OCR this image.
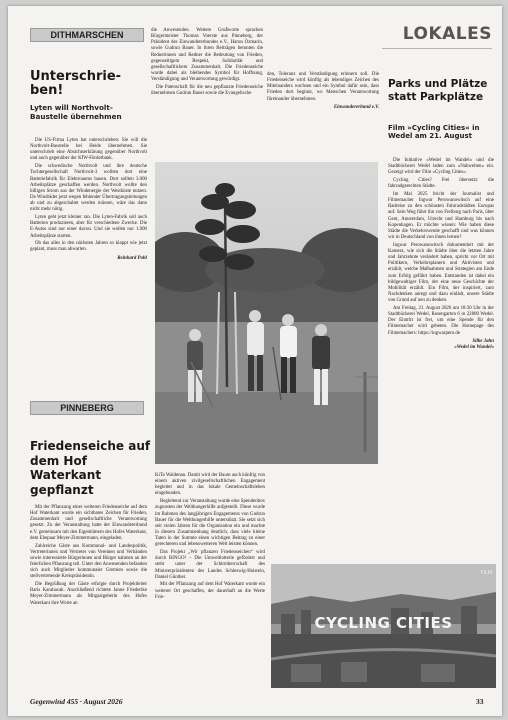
DITHMARSCHEN
Unterschrie-ben!
Lyten will Northvolt-Baustelle übernehmen

Die US-Firma Lyten hat unterschrieben: Sie will die Northvolt-Baustelle bei Heide übernehmen. Sie unterschrieb eine Absichtserklärung gegenüber Northvolt und auch gegenüber der KfW-Förderbank.

Die schwedische Northvolt und ihre deutsche Tochtergesellschaft Northvolt-3 wollten dort eine Batteriefabrik für Elektroautos bauen. Dort sollten 3.000 Arbeitsplätze geschaffen werden. Northvolt wollte den billigen Strom aus der Windenergie der Westküste nutzen. Da Windräder jetzt wegen fehlender Übertragungsleitungen ab und zu abgeschaltet werden müssen, wäre das dann nicht mehr nötig.

Lyten geht jetzt kleiner ran. Die Lyten-Fabrik soll auch Batterien produzieren, aber für verschiedene Zwecke. Die E-Autos sind nur einer davon. Und sie wollen nur 1.000 Arbeitsplätze starten.

Ob das alles in den nächsten Jahren so klappt wie jetzt geplant, muss man abwarten.

Reinhard Pohl

PINNEBERG
Friedenseiche auf dem Hof Waterkant gepflanzt

Mit der Pflanzung einer weiteren Friedenseiche auf dem Hof Waterkant wurde ein sichtbares Zeichen für Frieden, Zusammenhalt und gesellschaftliche Verantwortung gesetzt. Zu der Veranstaltung hatte der Einwandererbund e.V. gemeinsam mit den Eigentümern des Hofes Waterkant, dem Ehepaar Meyer-Zimmermann, eingeladen.

Zahlreiche Gäste aus Kommunal- und Landespolitik, Vertreterinnen und Vertreter von Vereinen und Verbänden sowie interessierte Bürgerinnen und Bürger nahmen an der feierlichen Pflanzung teil. Unter den Anwesenden befanden sich auch Mitglieder kommunaler Gremien sowie die stellvertretende Kreispräsidentin.

Die Begrüßung der Gäste erfolgte durch Projektleiter Baris Karabacak. Anschließend richtete Janne Friederike Meyer-Zimmermann als Mitgastgeberin des Hofes Waterkant ihre Worte an

die Anwesenden. Weitere Grußworte sprachen Bürgermeister Thomas Voerste aus Pinneberg, der Präsident des Einwandererbundes e.V., Harun Özmarin, sowie Gudrun Bauer. In ihren Beiträgen betonten die Rednerinnen und Redner die Bedeutung von Frieden, gegenseitigem Respekt, Solidarität und gesellschaftlichem Zusammenhalt. Die Friedenseiche wurde dabei als bleibendes Symbol für Hoffnung, Verständigung und Verantwortung gewürdigt.

Die Patenschaft für die neu gepflanzte Friedenseiche übernehmen Gudrun Bauer sowie die Evangelische

den, Toleranz und Verständigung erinnern soll. Die Friedenseiche wird künftig als lebendiges Zeichen des Miteinanders wachsen und ein Symbol dafür sein, dass Frieden dort beginnt, wo Menschen Verantwortung füreinander übernehmen.

Einwandererbund e.V.

KiTa Waldenau. Damit wird der Baum auch künftig von einem aktiven zivilgesellschaftlichen Engagement begleitet und in das lokale Gemeinschaftsleben eingebunden.

Begleitend zur Veranstaltung wurde eine Spendenbox zugunsten der Welthungerhilfe aufgestellt. Diese wurde im Rahmen des langjährigen Engagements von Gudrun Bauer für die Welthungerhilfe unterstützt. Sie setzt sich seit vielen Jahren für die Organisation ein und machte in diesem Zusammenhang deutlich, dass viele kleine Taten in der Summe einen wichtigen Beitrag zu einer gerechteren und lebenswerteren Welt leisten können.

Das Projekt „Wir pflanzen Friedenseichen“ wird durch BINGO! – Die Umweltlotterie gefördert und steht unter der Schirmherrschaft des Ministerpräsidenten des Landes Schleswig-Holstein, Daniel Günther.

Mit der Pflanzung auf dem Hof Waterkant wurde ein weiterer Ort geschaffen, der dauerhaft an die Werte Frie-

LOKALES
Parks und Plätze statt Parkplätze
Film »Cycling Cities« in Wedel am 21. August

Die Initiative »Wedel im Wandel« und die Stadtbücherei Wedel laden zum »Nahwelten« ein. Gezeigt wird der Film »Cycling Cities«.

Cycling Cities? Frei übersetzt: die fahrradgerechten Städte.

Im Mai 2025 bricht der Journalist und Filmemacher Ingwar Perowanowitsch auf eine Radreise zu den schönsten Fahrradstädten Europas auf. Sein Weg führt ihn von Freiburg nach Paris, über Gent, Amsterdam, Utrecht und Hamburg bis nach Kopenhagen. Er möchte wissen: Wie haben diese Städte die Verkehrswende geschafft und was können wir in Deutschland von ihnen lernen?

Ingwar Perowanowitsch dokumentiert mit der Kamera, wie sich die Städte über die letzten Jahre und Jahrzehnte verändert haben, spricht vor Ort mit Politikern, Verkehrsplanern und Aktivisten und erzählt, welche Maßnahmen und Strategien am Ende zum Erfolg geführt haben. Entstanden ist dabei ein bildgewaltiger Film, der eine neue Geschichte der Mobilität erzählt. Ein Film, der inspiriert, zum Nachdenken anregt und dazu einlädt, unsere Städte von Grund auf neu zu denken.

Am Freitag, 21. August 2026 um 18:30 Uhr in der Stadtbücherei Wedel, Rosengarten 6 in 22880 Wedel. Der Eintritt ist frei, um eine Spende für den Filmemacher wird gebeten. Die Homepage des Filmemachers: https://ingwarpero.de

Silke Jahn

»Wedel im Wandel«

CYCLING CITIES
FILM
Gegenwind 455 · August 2026	33
